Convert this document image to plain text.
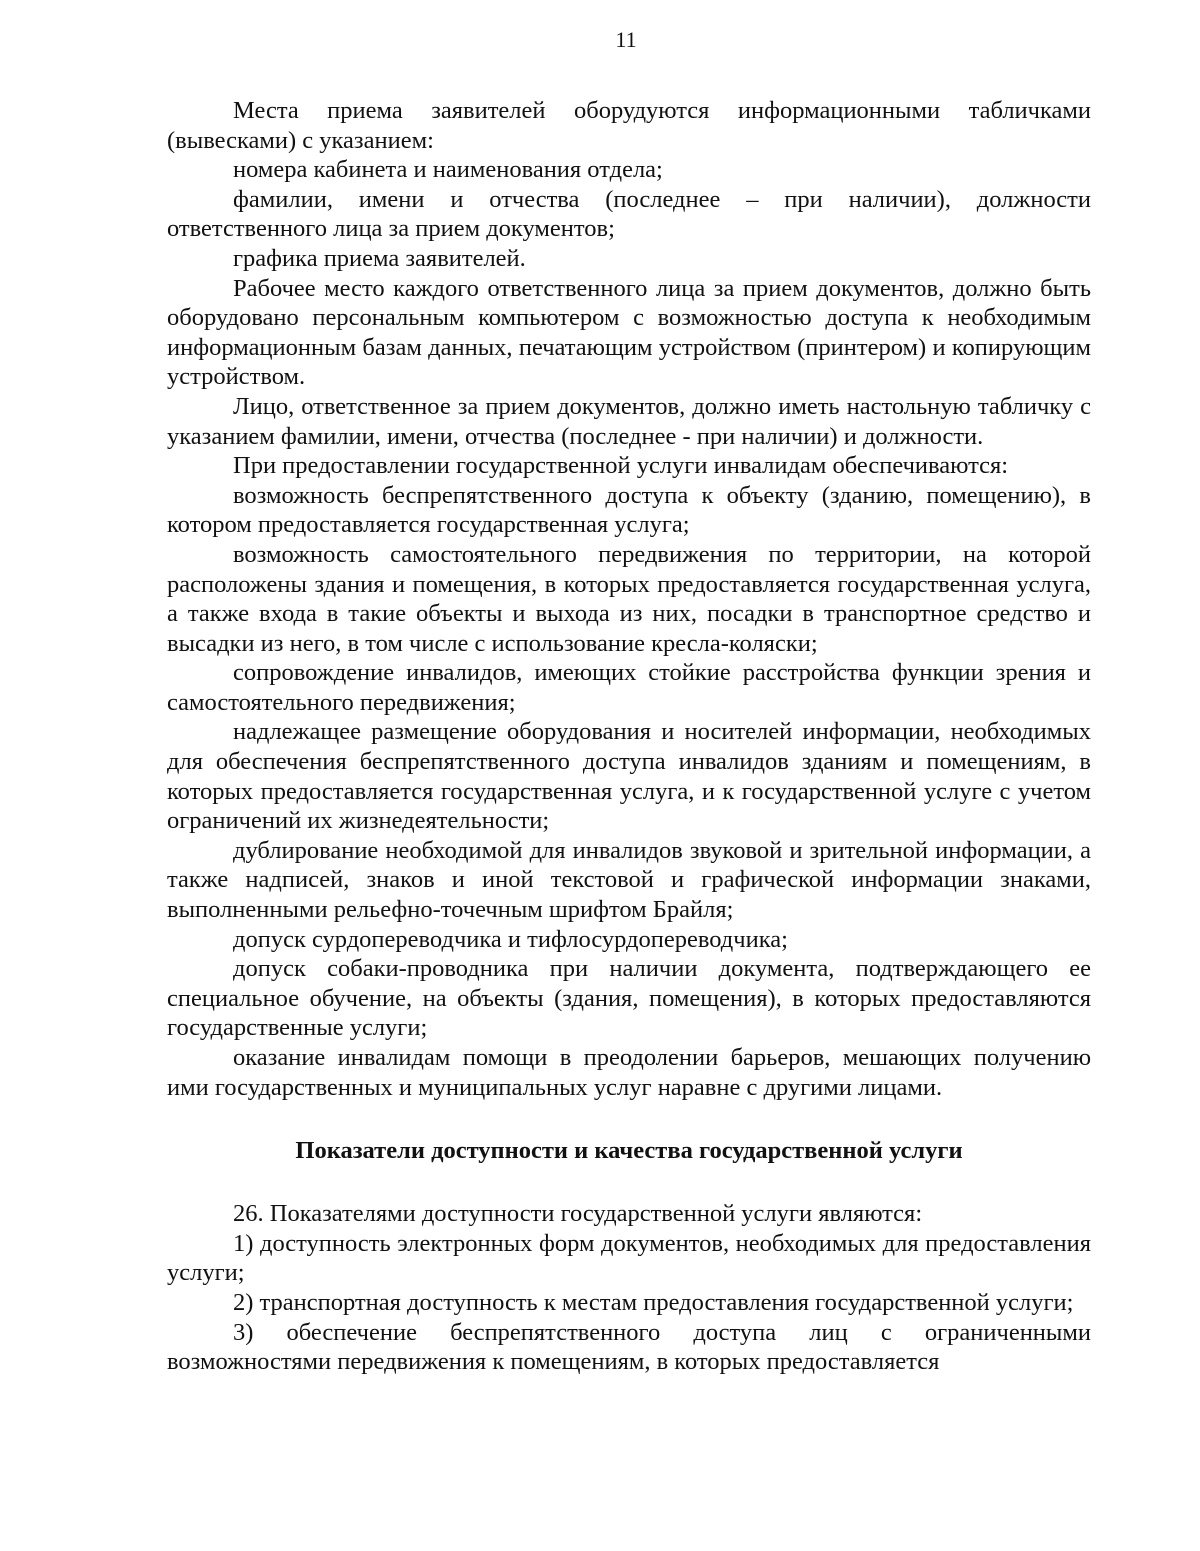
11

Места приема заявителей оборудуются информационными табличками (вывесками) с указанием:

номера кабинета и наименования отдела;

фамилии, имени и отчества (последнее – при наличии), должности ответственного лица за прием документов;

графика приема заявителей.

Рабочее место каждого ответственного лица за прием документов, должно быть оборудовано персональным компьютером с возможностью доступа к необходимым информационным базам данных, печатающим устройством (принтером) и копирующим устройством.

Лицо, ответственное за прием документов, должно иметь настольную табличку с указанием фамилии, имени, отчества (последнее - при наличии) и должности.

При предоставлении государственной услуги инвалидам обеспечиваются:

возможность беспрепятственного доступа к объекту (зданию, помещению), в котором предоставляется государственная услуга;

возможность самостоятельного передвижения по территории, на которой расположены здания и помещения, в которых предоставляется государственная услуга, а также входа в такие объекты и выхода из них, посадки в транспортное средство и высадки из него, в том числе с использование кресла-коляски;

сопровождение инвалидов, имеющих стойкие расстройства функции зрения и самостоятельного передвижения;

надлежащее размещение оборудования и носителей информации, необходимых для обеспечения беспрепятственного доступа инвалидов зданиям и помещениям, в которых предоставляется государственная услуга, и к государственной услуге с учетом ограничений их жизнедеятельности;

дублирование необходимой для инвалидов звуковой и зрительной информации, а также надписей, знаков и иной текстовой и графической информации знаками, выполненными рельефно-точечным шрифтом Брайля;

допуск сурдопереводчика и тифлосурдопереводчика;

допуск собаки-проводника при наличии документа, подтверждающего ее специальное обучение, на объекты (здания, помещения), в которых предоставляются государственные услуги;

оказание инвалидам помощи в преодолении барьеров, мешающих получению ими государственных и муниципальных услуг наравне с другими лицами.

Показатели доступности и качества государственной услуги

26. Показателями доступности государственной услуги являются:

1) доступность электронных форм документов, необходимых для предоставления услуги;

2) транспортная доступность к местам предоставления государственной услуги;

3) обеспечение беспрепятственного доступа лиц с ограниченными возможностями передвижения к помещениям, в которых предоставляется
